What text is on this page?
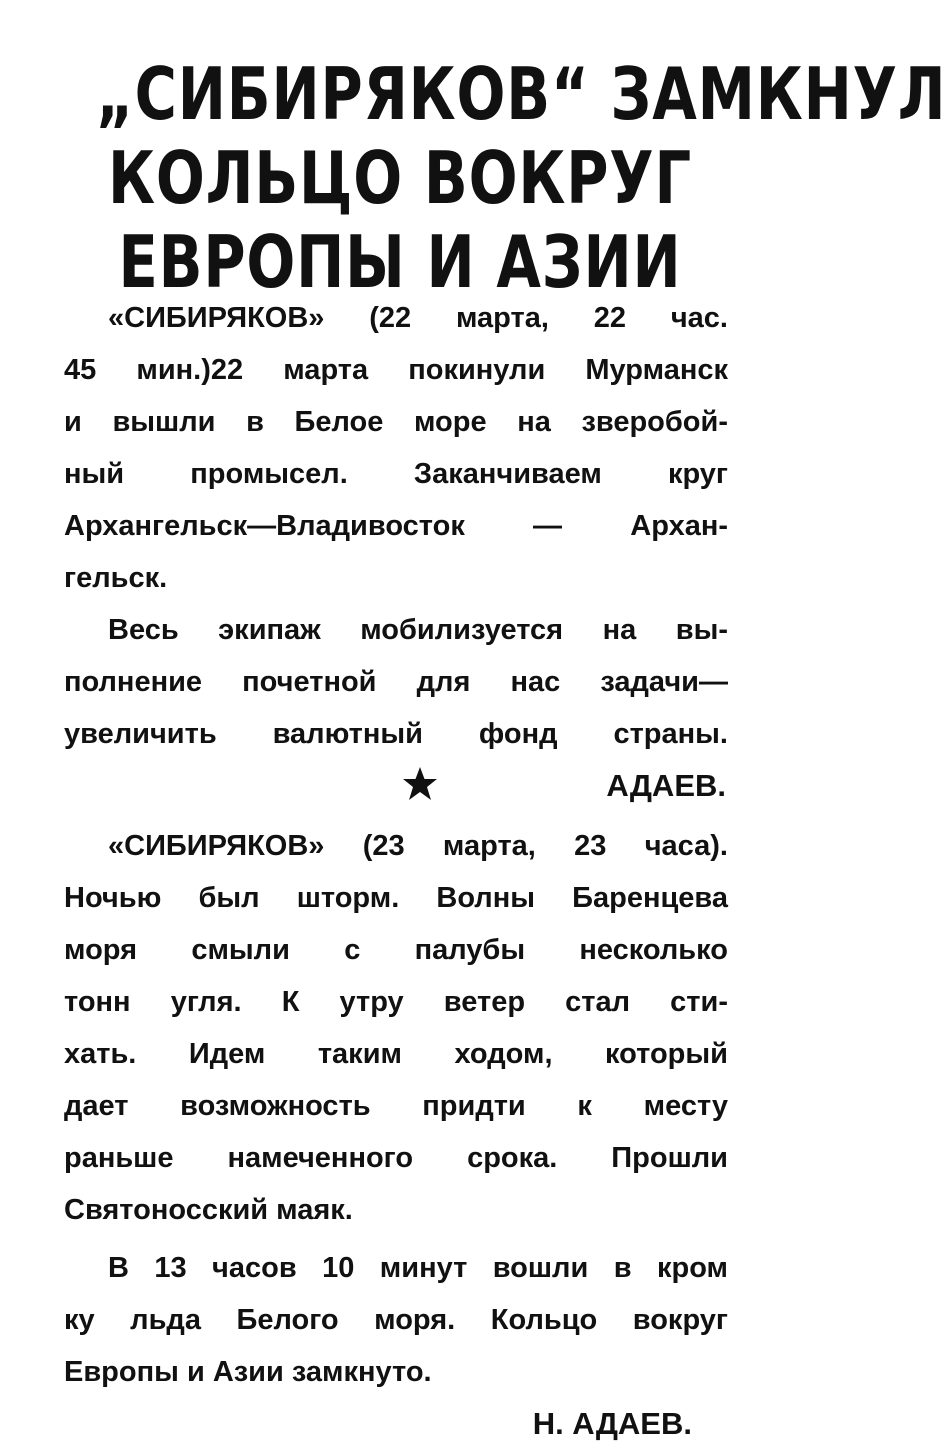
„СИБИРЯКОВ“ ЗАМКНУЛ
КОЛЬЦО ВОКРУГ
ЕВРОПЫ И АЗИИ
«СИБИРЯКОВ» (22 марта, 22 час.
45 мин.)22 марта покинули Мурманск
и вышли в Белое море на зверобой-
ный промысел. Заканчиваем круг
Архангельск—Владивосток — Архан-
гельск.
Весь экипаж мобилизуется на вы-
полнение почетной для нас задачи—
увеличить валютный фонд страны.
АДАЕВ.
«СИБИРЯКОВ» (23 марта, 23 часа).
Ночью был шторм. Волны Баренцева
моря смыли с палубы несколько
тонн угля. К утру ветер стал сти-
хать. Идем таким ходом, который
дает возможность придти к месту
раньше намеченного срока. Прошли
Святоносский маяк.
В 13 часов 10 минут вошли в кром
ку льда Белого моря. Кольцо вокруг
Европы и Азии замкнуто.
Н. АДАЕВ.
